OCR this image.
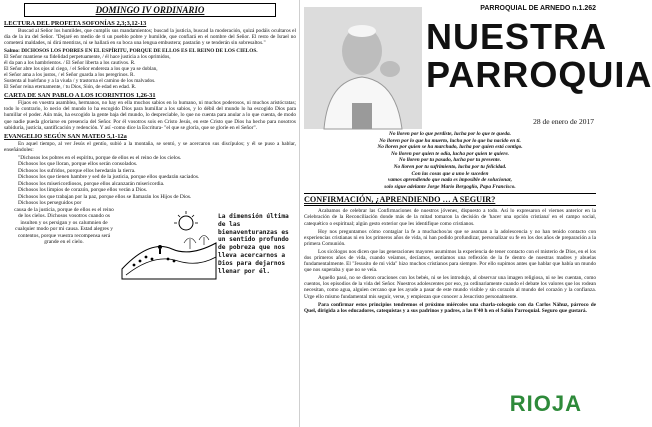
DOMINGO IV ORDINARIO
LECTURA DEL PROFETA SOFONÍAS 2,3;3,12-13
Buscad al Señor los humildes, que cumplís sus mandamientos; buscad la justicia, buscad la moderación, quizá podáis ocultaros el día de la ira del Señor. "Dejaré en medio de ti un pueblo pobre y humilde, que confiará en el nombre del Señor. El resto de Israel no cometerá maldades, ni dirá mentiras, ni se hallará en su boca una lengua embustera; pastarán y se tenderán sin sobresaltos."
Salmo: DICHOSOS LOS POBRES EN EL ESPÍRITU, PORQUE DE ELLOS ES EL REINO DE LOS CIELOS.
El Señor mantiene su fidelidad perpetuamente, / él hace justicia a los oprimidos,
él da pan a los hambrientos. / El Señor liberta a los cautivos. R.
El Señor abre los ojos al ciego, / el Señor endereza a los que ya se doblan,
el Señor ama a los justos, / el Señor guarda a los peregrinos. R.
Sustenta al huérfano y a la viuda / y trastorna el camino de los malvados.
El Señor reina eternamente, / tu Dios, Sión, de edad en edad. R.
CARTA DE SAN PABLO A LOS ICORINTIOS 1,26-31
Fijaos en vuestra asamblea, hermanos, no hay en ella muchos sabios en lo humano, ni muchos poderosos, ni muchos aristócratas; todo lo contrario, lo necio del mundo lo ha escogido Dios para humillar a los sabios, y lo débil del mundo lo ha escogido Dios para humillar el poder. Aún más, ha escogido la gente baja del mundo, lo despreciable, lo que no cuenta para anular a lo que cuenta, de modo que nadie pueda gloriarse en presencia del Señor. Por él vosotros sois en Cristo Jesús, en este Cristo que Dios ha hecho para nosotros sabiduría, justicia, santificación y redención. Y así -como dice la Escritura- "el que se gloría, que se gloríe en el Señor".
EVANGELIO SEGÚN SAN MATEO 5,1-12a
En aquel tiempo, al ver Jesús el gentío, subió a la montaña, se sentó, y se acercaron sus discípulos; y él se puso a hablar, enseñándoles:
"Dichosos los pobres en el espíritu, porque de ellos es el reino de los cielos.
Dichosos los que lloran, porque ellos serán consolados.
Dichosos los sufridos, porque ellos heredarán la tierra.
Dichosos los que tienen hambre y sed de la justicia, porque ellos quedarán saciados.
Dichosos los misericordiosos, porque ellos alcanzarán misericordia.
Dichosos los limpios de corazón, porque ellos verán a Dios.
Dichosos los que trabajan por la paz, porque ellos se llamarán los Hijos de Dios.
Dichosos los perseguidos por
causa de la justicia, porque de ellos es el reino de los cielos. Dichosos vosotros cuando os insulten y os persigan y os calumnien de cualquier modo por mi causa. Estad alegres y contentos, porque vuestra recompensa será grande en el cielo.
La dimensión última de las bienaventuranzas es un sentido profundo de pobreza que nos lleva acercarnos a Dios para dejarnos llenar por él.
PARROQUIAL DE ARNEDO n.1.262
NUESTRA
PARROQUIA
28 de enero de 2017
No lloren por lo que perdiste, lucha por lo que te queda.
No lloren por lo que ha muerto, lucha por lo que ha nacido en ti.
No lloren por quien se ha marchado, lucha por quien está contigo.
No lloren por quien te odia, lucha por quien te quiere.
No lloren por tu pasado, lucha por tu presente.
No lloren por tu sufrimiento, lucha por tu felicidad.
Con las cosas que a uno le suceden
vamos aprendiendo que nada es imposible de solucionar,
solo sigue adelante Jorge Mario Bergoglio, Papa Francisco.
CONFIRMACIÓN, ¿APRENDIENDO … A SEGUIR?
Acabamos de celebrar las Confirmaciones de nuestros jóvenes, dispuesto a todo. Así lo expresaron el viernes anterior en la Celebración de la Reconciliación donde más de la mitad tomaron la decisión de 'hacer una opción cristiana' en el campo social, catequético o espiritual; algún gesto exterior que les identifique como cristianos.
Hoy nos preguntamos cómo contagiar la fe a muchachos/as que se asoman a la adolescencia y no han tenido contacto con experiencias cristianas ni en los primeros años de vida, ni han podido profundizar, personalizar su fe en los dos años de preparación a la primera Comunión.
Los sicólogos nos dicen que las generaciones mayores asumimos la experiencia de tener contacto con el misterio de Dios, en el los dos primeros años de vida, cuando veíamos, decíamos, sentíamos una reflexión de la fe dentro de nuestras madres y abuelas fundamentalmente. El "Jesusito de mi vida" hizo muchos cristianos para siempre. Por ello supimos antes que hablar que había un mundo que nos superaba y que no se veía.
Aquello pasó, no se dieron oraciones con los bebés, ni se les introdujo, al observar una imagen religiosa, ni se les cuentan, como cuentos, los episodios de la vida del Señor. Nuestros adolescentes por eso, ya ordinariamente cuando el debate los valores que los rodean necesitan, como agua, alguien cercano que les ayude a pasar de este mundo visible y sin corazón al mundo del corazón y la confianza. Urge ello mismo fundamental mis seguir, verse, y empiezan que conocer a Jesucristo personalmente.
Para confirmar estos principios tendremos el próximo miércoles una charla-coloquio con da Carlos Náhuz, párroco de Quel, dirigida a los educadores, catequistas y a sus padrinos y padres, a las 8'40 h en el Salón Parroquial. Seguro que gustará.
RIOJA
